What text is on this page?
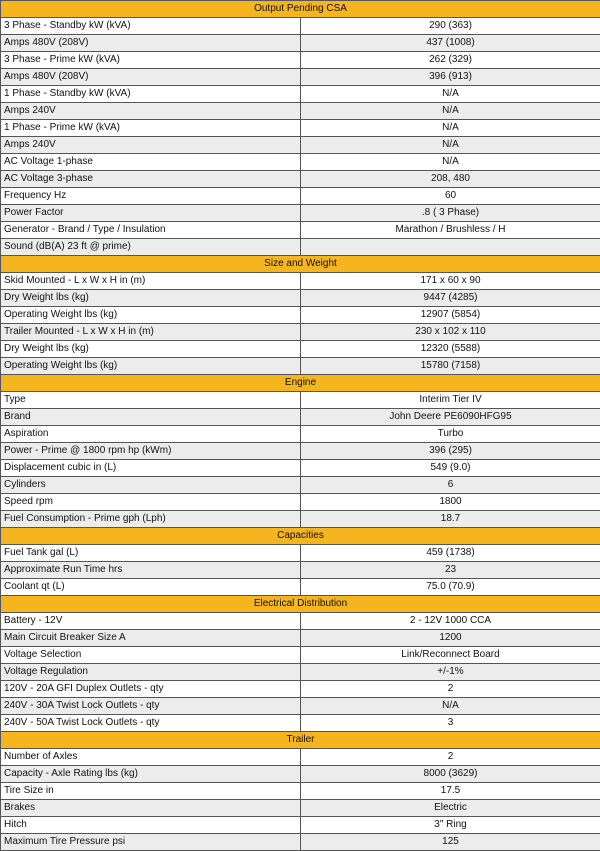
Output Pending CSA	
3 Phase - Standby kW (kVA)	290 (363)
Amps 480V (208V)	437 (1008)
3 Phase - Prime kW (kVA)	262 (329)
Amps 480V (208V)	396 (913)
1 Phase - Standby kW (kVA)	N/A
Amps 240V	N/A
1 Phase - Prime kW (kVA)	N/A
Amps 240V	N/A
AC Voltage 1-phase	N/A
AC Voltage 3-phase	208, 480
Frequency Hz	60
Power Factor	.8 ( 3 Phase)
Generator - Brand / Type / Insulation	Marathon / Brushless / H
Sound (dB(A) 23 ft @ prime)	
Size and Weight	
Skid Mounted - L x W x H in (m)	171 x 60 x 90
Dry Weight lbs (kg)	9447 (4285)
Operating Weight lbs (kg)	12907 (5854)
Trailer Mounted - L x W x H in (m)	230 x 102 x 110
Dry Weight lbs (kg)	12320 (5588)
Operating Weight lbs (kg)	15780 (7158)
Engine	
Type	Interim Tier IV
Brand	John Deere PE6090HFG95
Aspiration	Turbo
Power - Prime @ 1800 rpm hp (kWm)	396 (295)
Displacement cubic in (L)	549 (9.0)
Cylinders	6
Speed rpm	1800
Fuel Consumption - Prime gph (Lph)	18.7
Capacities	
Fuel Tank gal (L)	459 (1738)
Approximate Run Time hrs	23
Coolant qt (L)	75.0 (70.9)
Electrical Distribution	
Battery - 12V	2 - 12V 1000 CCA
Main Circuit Breaker Size A	1200
Voltage Selection	Link/Reconnect Board
Voltage Regulation	+/-1%
120V - 20A GFI Duplex Outlets - qty	2
240V - 30A Twist Lock Outlets - qty	N/A
240V - 50A Twist Lock Outlets - qty	3
Trailer	
Number of Axles	2
Capacity - Axle Rating lbs (kg)	8000 (3629)
Tire Size in	17.5
Brakes	Electric
Hitch	3" Ring
Maximum Tire Pressure psi	125
